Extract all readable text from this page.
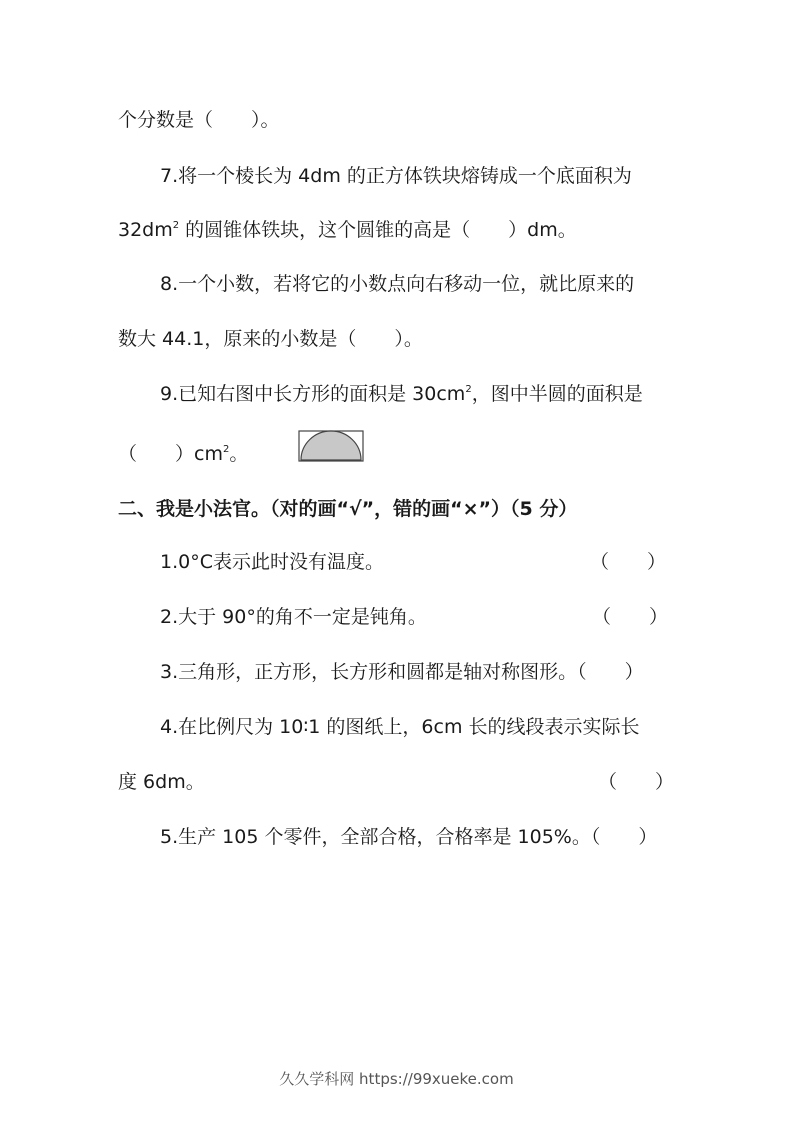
个分数是（　　）。
7.将一个棱长为 4dm 的正方体铁块熔铸成一个底面积为
$32dm^2$ 的圆锥体铁块，这个圆锥的高是（　　）dm。
8.一个小数，若将它的小数点向右移动一位，就比原来的
数大 44.1，原来的小数是（　　）。
9.已知右图中长方形的面积是 $30cm^2$，图中半圆的面积是
（　　）$cm^2$。
二、我是小法官。（对的画“√”，错的画“×”）（5 分）
1.0°C表示此时没有温度。	（　　）
2.大于 90°的角不一定是钝角。	（　　）
3.三角形，正方形，长方形和圆都是轴对称图形。（　　）
4.在比例尺为 10∶1 的图纸上，6cm 长的线段表示实际长
度 6dm。	（　　）
5.生产 105 个零件，全部合格，合格率是 105%。（　　）
久久学科网 https://99xueke.com
